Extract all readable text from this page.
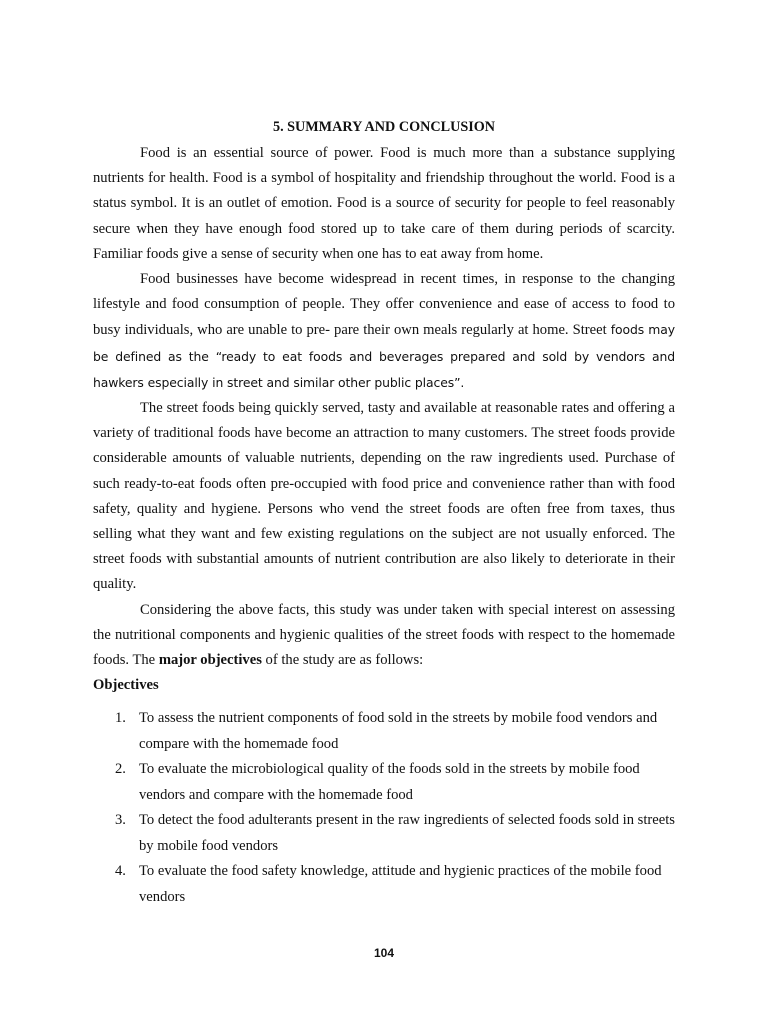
5. SUMMARY AND CONCLUSION

Food is an essential source of power. Food is much more than a substance supplying nutrients for health. Food is a symbol of hospitality and friendship throughout the world. Food is a status symbol. It is an outlet of emotion. Food is a source of security for people to feel reasonably secure when they have enough food stored up to take care of them during periods of scarcity. Familiar foods give a sense of security when one has to eat away from home.

Food businesses have become widespread in recent times, in response to the changing lifestyle and food consumption of people. They offer convenience and ease of access to food to busy individuals, who are unable to pre- pare their own meals regularly at home. Street foods may be defined as the “ready to eat foods and beverages prepared and sold by vendors and hawkers especially in street and similar other public places”.

The street foods being quickly served, tasty and available at reasonable rates and offering a variety of traditional foods have become an attraction to many customers. The street foods provide considerable amounts of valuable nutrients, depending on the raw ingredients used. Purchase of such ready-to-eat foods often pre-occupied with food price and convenience rather than with food safety, quality and hygiene. Persons who vend the street foods are often free from taxes, thus selling what they want and few existing regulations on the subject are not usually enforced. The street foods with substantial amounts of nutrient contribution are also likely to deteriorate in their quality.

Considering the above facts, this study was under taken with special interest on assessing the nutritional components and hygienic qualities of the street foods with respect to the homemade foods. The major objectives of the study are as follows:

Objectives

1. To assess the nutrient components of food sold in the streets by mobile food vendors and compare with the homemade food
2. To evaluate the microbiological quality of the foods sold in the streets by mobile food vendors and compare with the homemade food
3. To detect the food adulterants present in the raw ingredients of selected foods sold in streets by mobile food vendors
4. To evaluate the food safety knowledge, attitude and hygienic practices of the mobile food vendors
104
